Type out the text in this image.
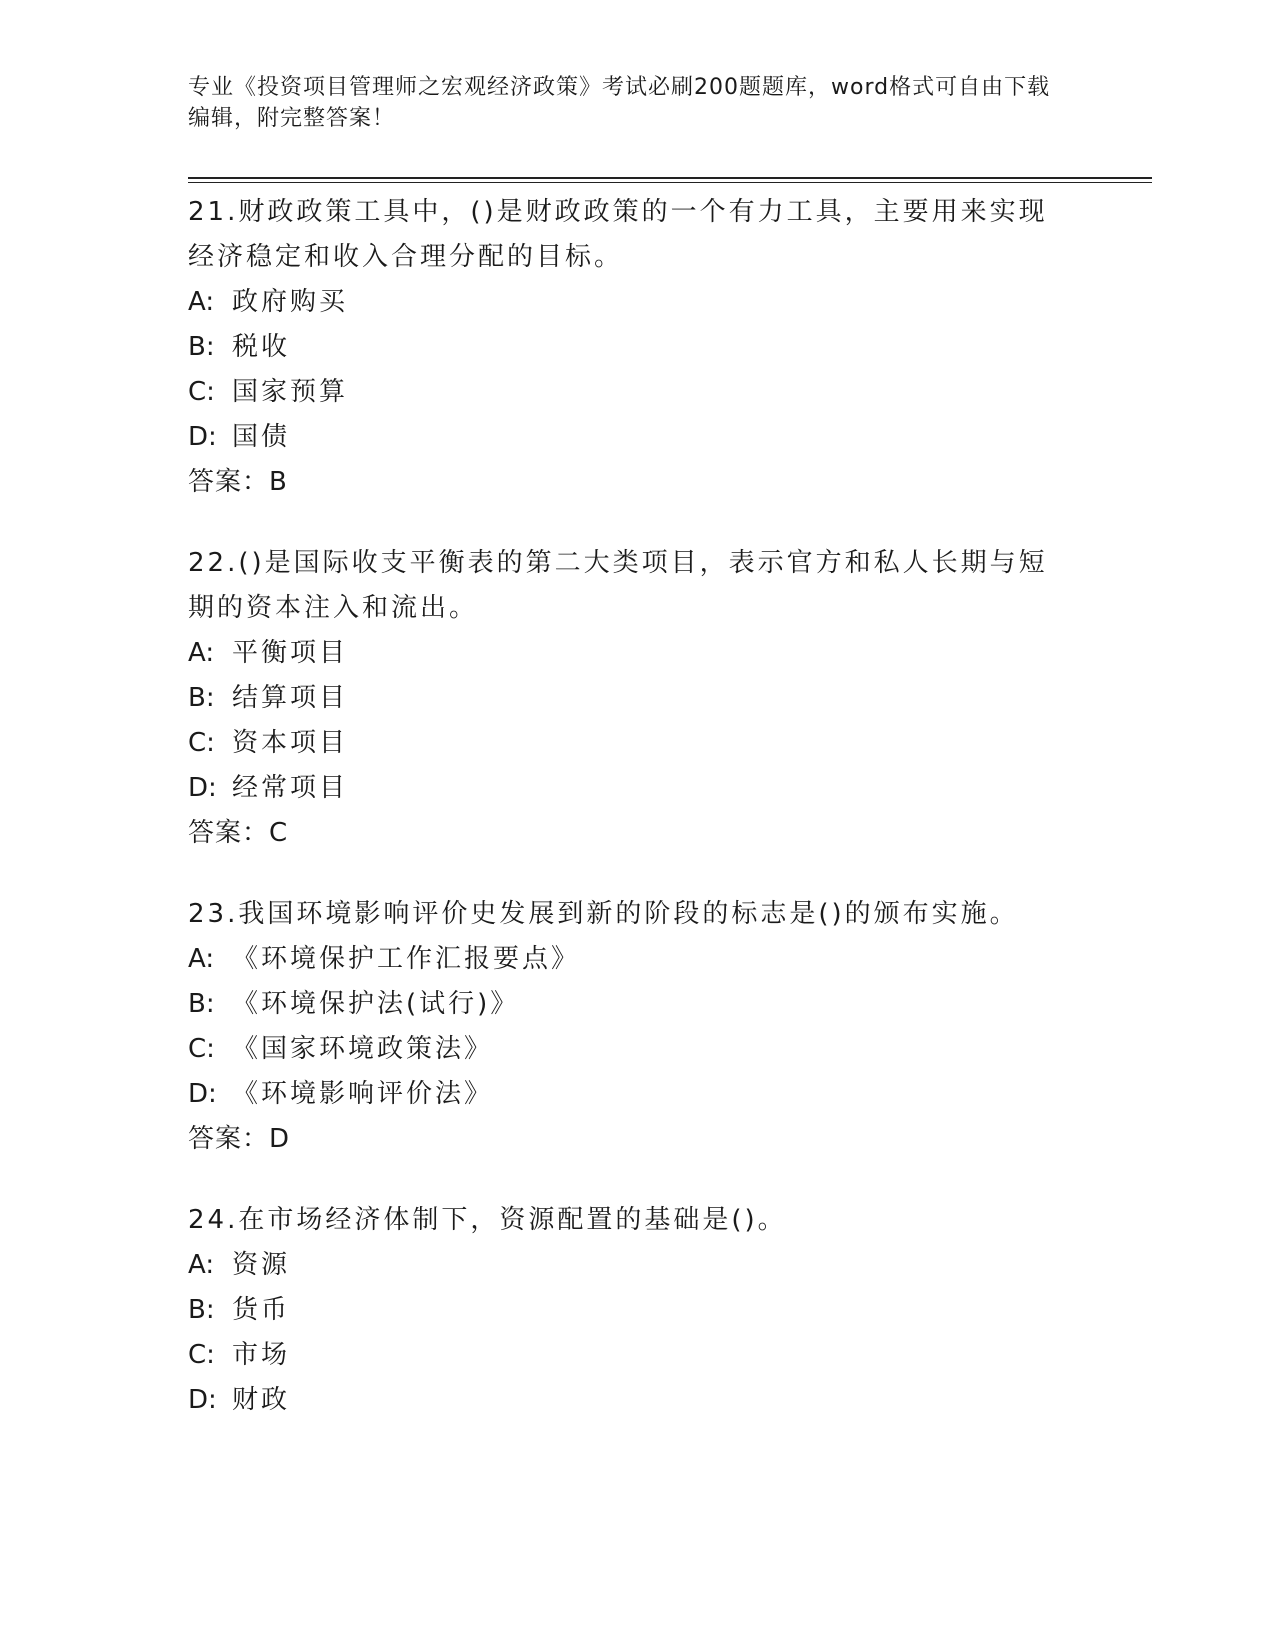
专业《投资项目管理师之宏观经济政策》考试必刷200题题库，word格式可自由下载编辑，附完整答案！
21.财政政策工具中，()是财政政策的一个有力工具，主要用来实现经济稳定和收入合理分配的目标。
A: 政府购买
B: 税收
C: 国家预算
D: 国债
答案：B
22.()是国际收支平衡表的第二大类项目，表示官方和私人长期与短期的资本注入和流出。
A: 平衡项目
B: 结算项目
C: 资本项目
D: 经常项目
答案：C
23.我国环境影响评价史发展到新的阶段的标志是()的颁布实施。
A: 《环境保护工作汇报要点》
B: 《环境保护法(试行)》
C: 《国家环境政策法》
D: 《环境影响评价法》
答案：D
24.在市场经济体制下，资源配置的基础是()。
A: 资源
B: 货币
C: 市场
D: 财政
